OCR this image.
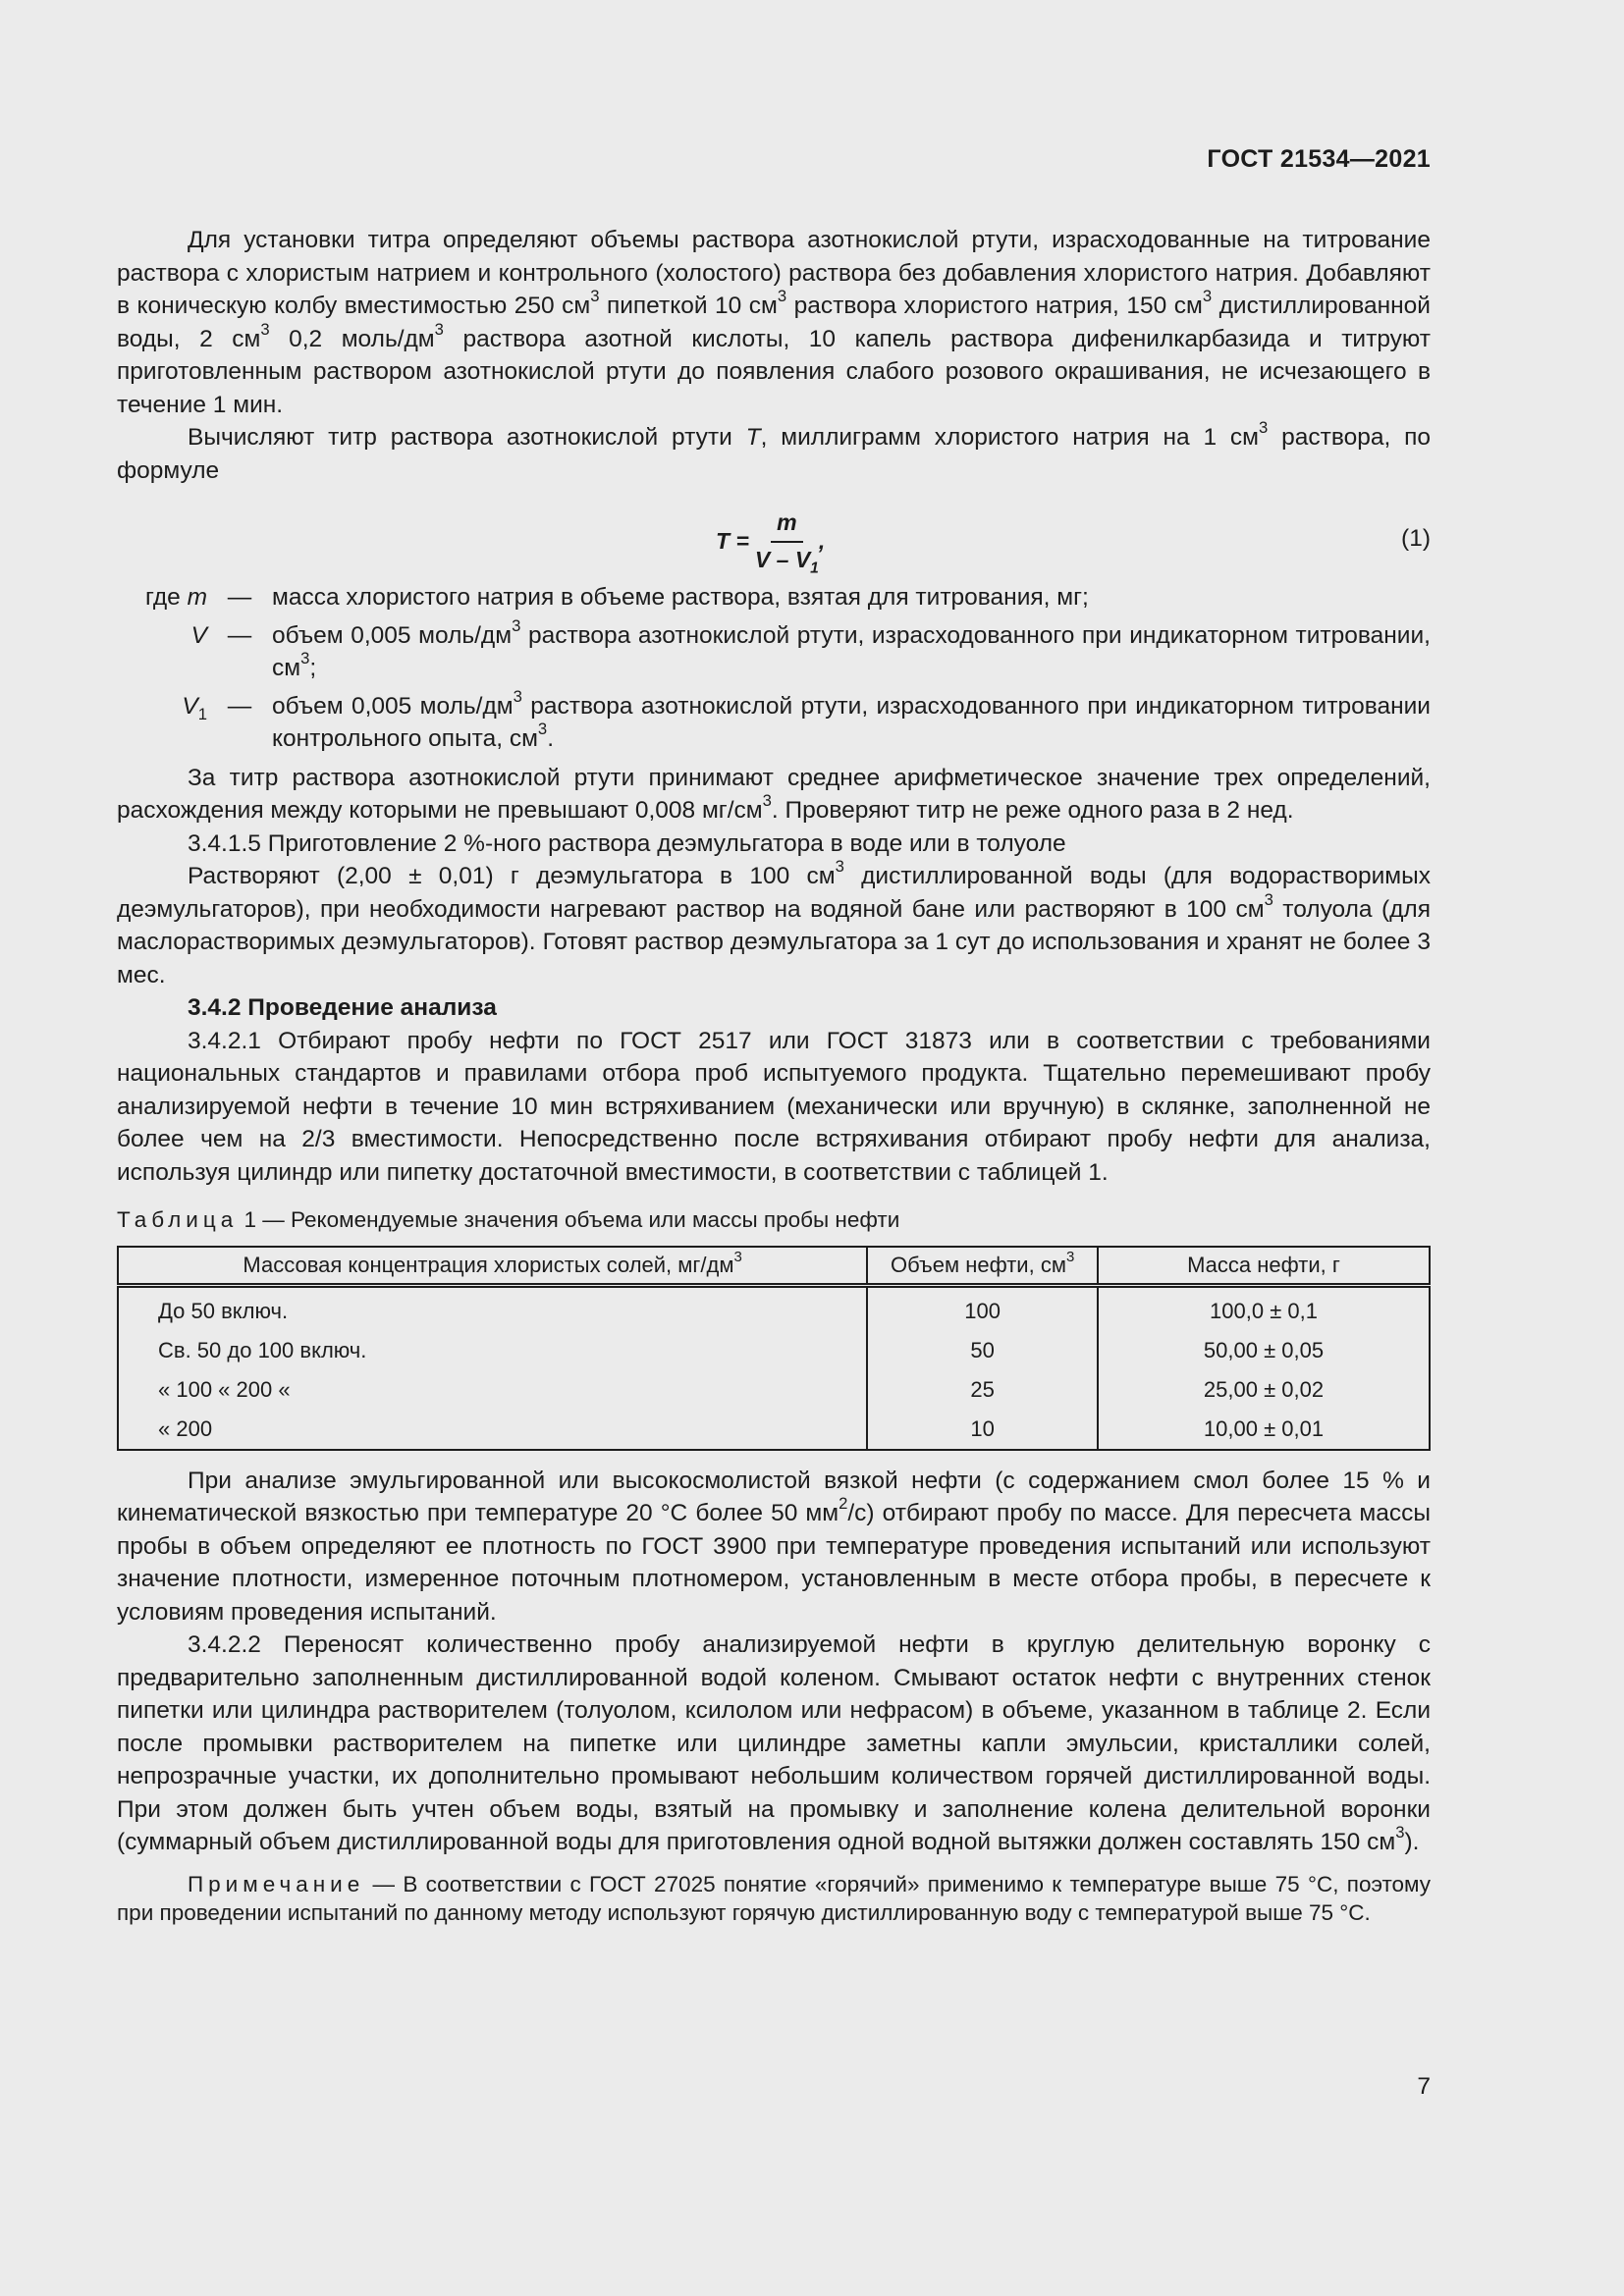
ГОСТ 21534—2021

Для установки титра определяют объемы раствора азотнокислой ртути, израсходованные на титрование раствора с хлористым натрием и контрольного (холостого) раствора без добавления хлористого натрия. Добавляют в коническую колбу вместимостью 250 $см^3$ пипеткой 10 $см^3$ раствора хлористого натрия, 150 $см^3$ дистиллированной воды, 2 $см^3$ 0,2 моль/$дм^3$ раствора азотной кислоты, 10 капель раствора дифенилкарбазида и титруют приготовленным раствором азотнокислой ртути до появления слабого розового окрашивания, не исчезающего в течение 1 мин.

Вычисляют титр раствора азотнокислой ртути T, миллиграмм хлористого натрия на 1 $см^3$ раствора, по формуле

T
= $\frac{m}{V - V_1}$ ,	(1)
где m — масса хлористого натрия в объеме раствора, взятая для титрования, мг;
V — объем 0,005 моль/$дм^3$ раствора азотнокислой ртути, израсходованного при индикаторном титровании, $см^3$;
$V_1$ — объем 0,005 моль/$дм^3$ раствора азотнокислой ртути, израсходованного при индикаторном титровании контрольного опыта, $см^3$.

За титр раствора азотнокислой ртути принимают среднее арифметическое значение трех определений, расхождения между которыми не превышают 0,008 $мг/см^3$. Проверяют титр не реже одного раза в 2 нед.

3.4.1.5 Приготовление 2 %-ного раствора деэмульгатора в воде или в толуоле

Растворяют (2,00 ± 0,01) г деэмульгатора в 100 $см^3$ дистиллированной воды (для водорастворимых деэмульгаторов), при необходимости нагревают раствор на водяной бане или растворяют в 100 $см^3$ толуола (для маслорастворимых деэмульгаторов). Готовят раствор деэмульгатора за 1 сут до использования и хранят не более 3 мес.

3.4.2 Проведение анализа

3.4.2.1 Отбирают пробу нефти по ГОСТ 2517 или ГОСТ 31873 или в соответствии с требованиями национальных стандартов и правилами отбора проб испытуемого продукта. Тщательно перемешивают пробу анализируемой нефти в течение 10 мин встряхиванием (механически или вручную) в склянке, заполненной не более чем на 2/3 вместимости. Непосредственно после встряхивания отбирают пробу нефти для анализа, используя цилиндр или пипетку достаточной вместимости, в соответствии с таблицей 1.

Таблица 1 — Рекомендуемые значения объема или массы пробы нефти
Массовая концентрация хлористых солей, $мг/дм^3$	Объем нефти, $см^3$	Масса нефти, г
До 50 включ.	100	100,0 ± 0,1
Св. 50 до 100 включ.	50	50,00 ± 0,05
« 100 « 200 «	25	25,00 ± 0,02
« 200	10	10,00 ± 0,01

При анализе эмульгированной или высокосмолистой вязкой нефти (с содержанием смол более 15 % и кинематической вязкостью при температуре 20 °С более 50 $мм^2/с$) отбирают пробу по массе. Для пересчета массы пробы в объем определяют ее плотность по ГОСТ 3900 при температуре проведения испытаний или используют значение плотности, измеренное поточным плотномером, установленным в месте отбора пробы, в пересчете к условиям проведения испытаний.

3.4.2.2 Переносят количественно пробу анализируемой нефти в круглую делительную воронку с предварительно заполненным дистиллированной водой коленом. Смывают остаток нефти с внутренних стенок пипетки или цилиндра растворителем (толуолом, ксилолом или нефрасом) в объеме, указанном в таблице 2. Если после промывки растворителем на пипетке или цилиндре заметны капли эмульсии, кристаллики солей, непрозрачные участки, их дополнительно промывают небольшим количеством горячей дистиллированной воды. При этом должен быть учтен объем воды, взятый на промывку и заполнение колена делительной воронки (суммарный объем дистиллированной воды для приготовления одной водной вытяжки должен составлять 150 $см^3$).

Примечание — В соответствии с ГОСТ 27025 понятие «горячий» применимо к температуре выше 75 °С, поэтому при проведении испытаний по данному методу используют горячую дистиллированную воду с температурой выше 75 °С.
7
